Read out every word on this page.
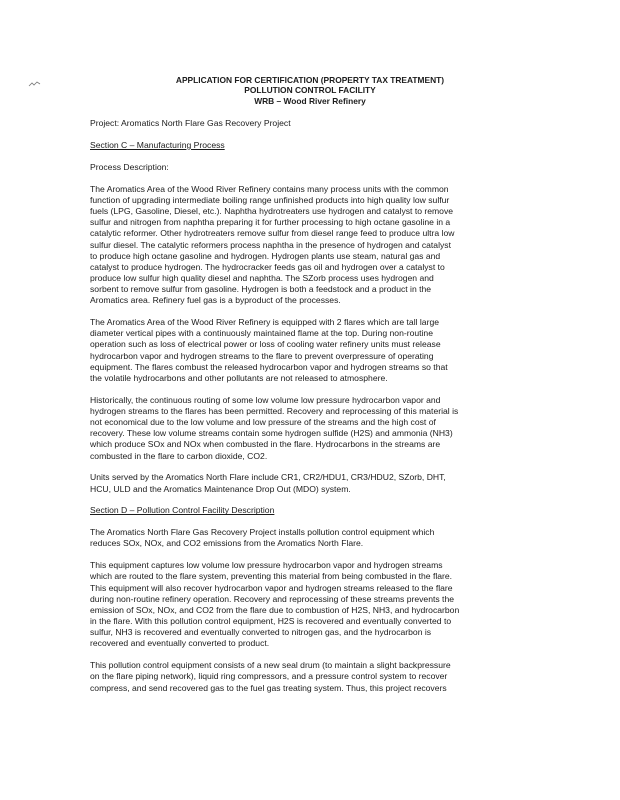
APPLICATION FOR CERTIFICATION (PROPERTY TAX TREATMENT)
POLLUTION CONTROL FACILITY
WRB – Wood River Refinery
Project: Aromatics North Flare Gas Recovery Project
Section C – Manufacturing Process
Process Description:
The Aromatics Area of the Wood River Refinery contains many process units with the common
function of upgrading intermediate boiling range unfinished products into high quality low sulfur
fuels (LPG, Gasoline, Diesel, etc.). Naphtha hydrotreaters use hydrogen and catalyst to remove
sulfur and nitrogen from naphtha preparing it for further processing to high octane gasoline in a
catalytic reformer. Other hydrotreaters remove sulfur from diesel range feed to produce ultra low
sulfur diesel. The catalytic reformers process naphtha in the presence of hydrogen and catalyst
to produce high octane gasoline and hydrogen. Hydrogen plants use steam, natural gas and
catalyst to produce hydrogen. The hydrocracker feeds gas oil and hydrogen over a catalyst to
produce low sulfur high quality diesel and naphtha. The SZorb process uses hydrogen and
sorbent to remove sulfur from gasoline. Hydrogen is both a feedstock and a product in the
Aromatics area. Refinery fuel gas is a byproduct of the processes.
The Aromatics Area of the Wood River Refinery is equipped with 2 flares which are tall large
diameter vertical pipes with a continuously maintained flame at the top. During non-routine
operation such as loss of electrical power or loss of cooling water refinery units must release
hydrocarbon vapor and hydrogen streams to the flare to prevent overpressure of operating
equipment. The flares combust the released hydrocarbon vapor and hydrogen streams so that
the volatile hydrocarbons and other pollutants are not released to atmosphere.
Historically, the continuous routing of some low volume low pressure hydrocarbon vapor and
hydrogen streams to the flares has been permitted. Recovery and reprocessing of this material is
not economical due to the low volume and low pressure of the streams and the high cost of
recovery. These low volume streams contain some hydrogen sulfide (H2S) and ammonia (NH3)
which produce SOx and NOx when combusted in the flare. Hydrocarbons in the streams are
combusted in the flare to carbon dioxide, CO2.
Units served by the Aromatics North Flare include CR1, CR2/HDU1, CR3/HDU2, SZorb, DHT,
HCU, ULD and the Aromatics Maintenance Drop Out (MDO) system.
Section D – Pollution Control Facility Description
The Aromatics North Flare Gas Recovery Project installs pollution control equipment which
reduces SOx, NOx, and CO2 emissions from the Aromatics North Flare.
This equipment captures low volume low pressure hydrocarbon vapor and hydrogen streams
which are routed to the flare system, preventing this material from being combusted in the flare.
This equipment will also recover hydrocarbon vapor and hydrogen streams released to the flare
during non-routine refinery operation. Recovery and reprocessing of these streams prevents the
emission of SOx, NOx, and CO2 from the flare due to combustion of H2S, NH3, and hydrocarbon
in the flare. With this pollution control equipment, H2S is recovered and eventually converted to
sulfur, NH3 is recovered and eventually converted to nitrogen gas, and the hydrocarbon is
recovered and eventually converted to product.
This pollution control equipment consists of a new seal drum (to maintain a slight backpressure
on the flare piping network), liquid ring compressors, and a pressure control system to recover
compress, and send recovered gas to the fuel gas treating system. Thus, this project recovers
